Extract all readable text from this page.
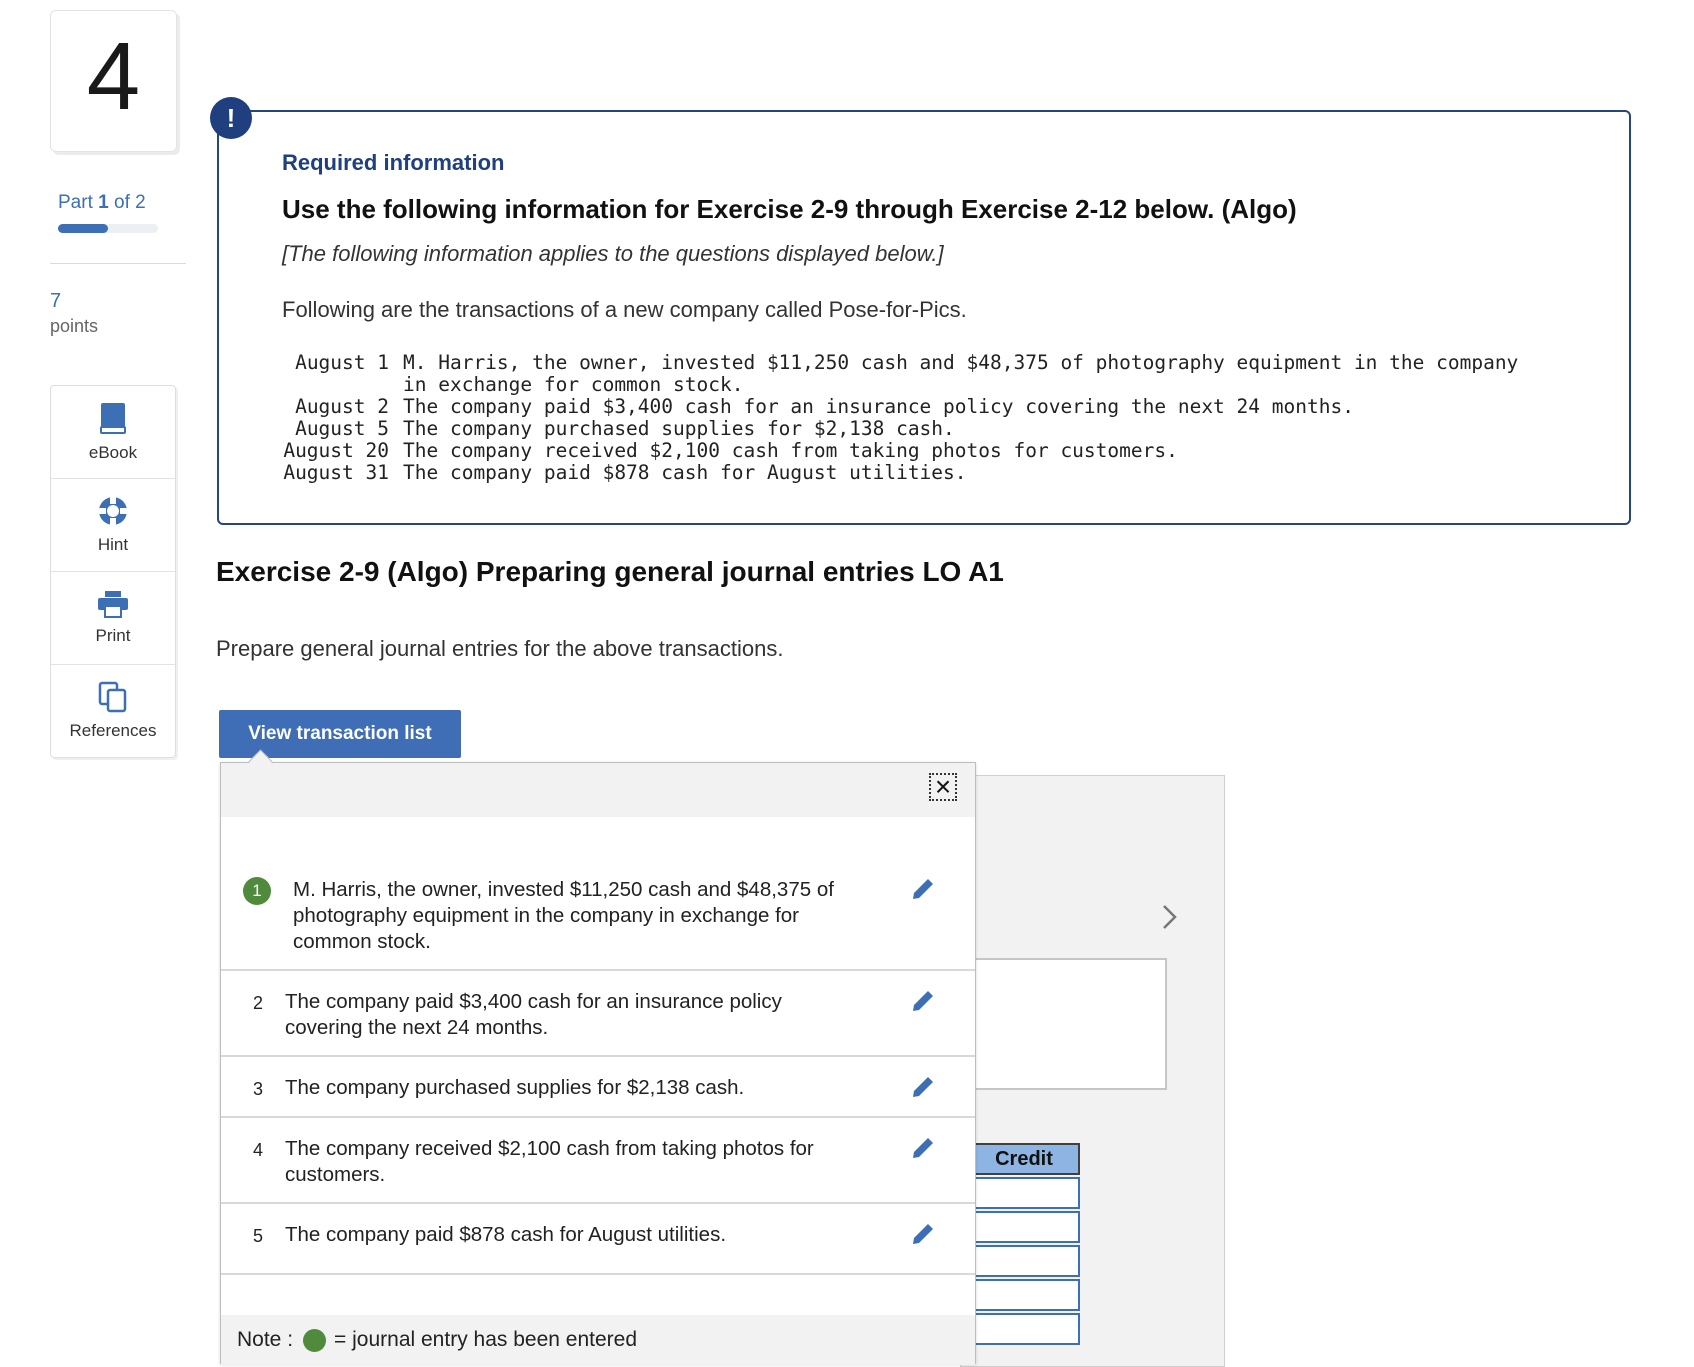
4
Part 1 of 2
7
points
eBook
Hint
Print
References
!
Required information
Use the following information for Exercise 2-9 through Exercise 2-12 below. (Algo)
[The following information applies to the questions displayed below.]
Following are the transactions of a new company called Pose-for-Pics.
August 1 M. Harris, the owner, invested $11,250 cash and $48,375 of photography equipment in the company
in exchange for common stock.
August 2 The company paid $3,400 cash for an insurance policy covering the next 24 months.
August 5 The company purchased supplies for $2,138 cash.
August 20 The company received $2,100 cash from taking photos for customers.
August 31 The company paid $878 cash for August utilities.
Exercise 2-9 (Algo) Preparing general journal entries LO A1
Prepare general journal entries for the above transactions.
View transaction list
Credit
×
1	M. Harris, the owner, invested $11,250 cash and $48,375 of photography equipment in the company in exchange for common stock.
2 The company paid $3,400 cash for an insurance policy covering the next 24 months.
3 The company purchased supplies for $2,138 cash.
4 The company received $2,100 cash from taking photos for customers.
5 The company paid $878 cash for August utilities.
Note : = journal entry has been entered
